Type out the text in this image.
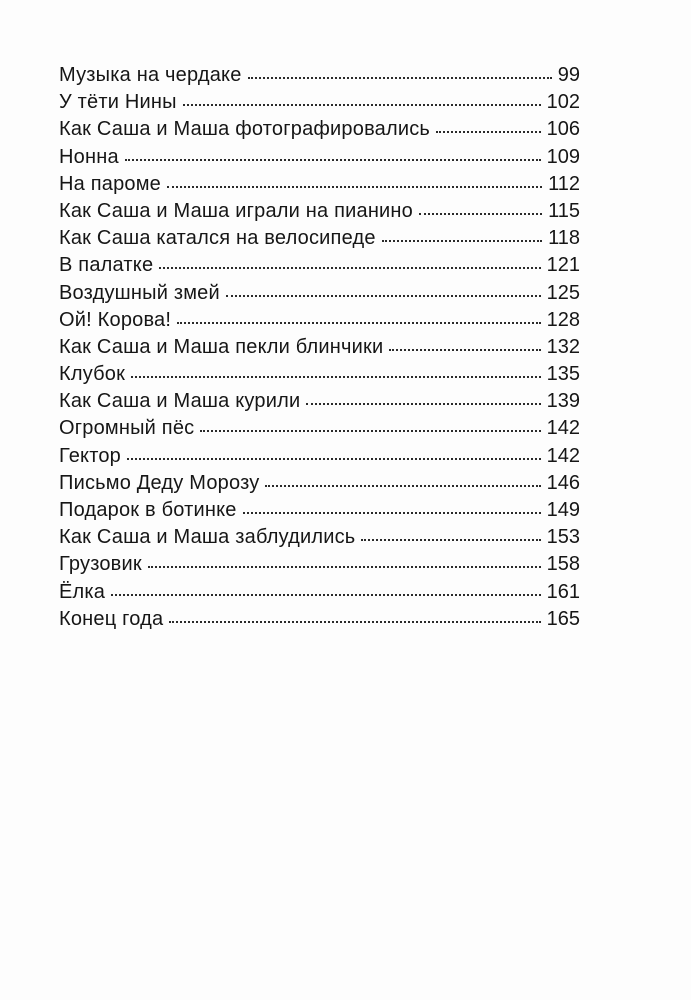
Музыка на чердаке	99
У тёти Нины	102
Как Саша и Маша фотографировались	106
Нонна	109
На пароме	112
Как Саша и Маша играли на пианино	115
Как Саша катался на велосипеде	118
В палатке	121
Воздушный змей	125
Ой! Корова!	128
Как Саша и Маша пекли блинчики	132
Клубок	135
Как Саша и Маша курили	139
Огромный пёс	142
Гектор	142
Письмо Деду Морозу	146
Подарок в ботинке	149
Как Саша и Маша заблудились	153
Грузовик	158
Ёлка	161
Конец года	165
